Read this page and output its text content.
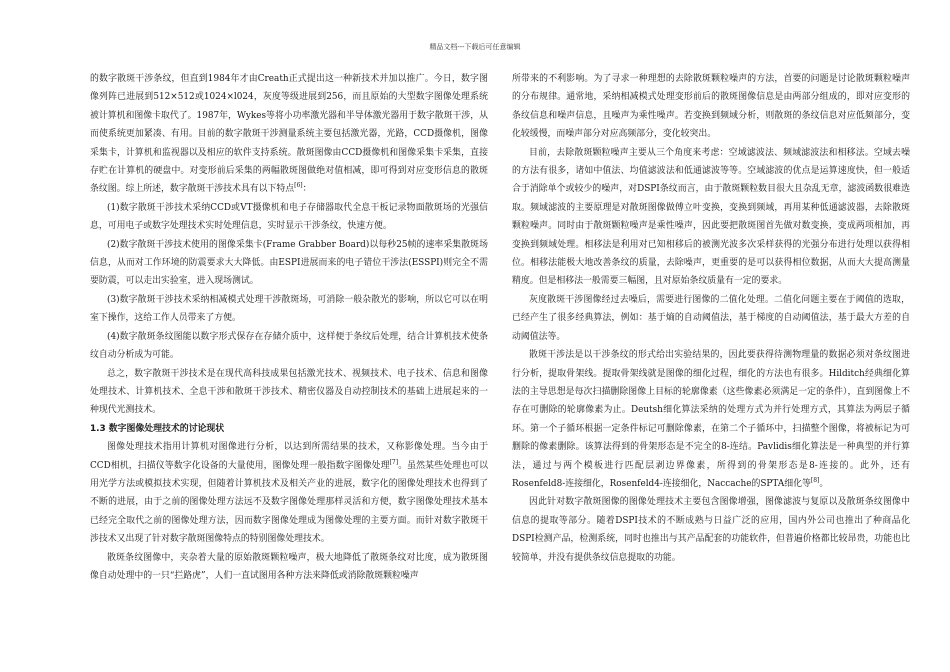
精品文档---下载后可任意编辑

的数字散斑干涉条纹，但直到1984年才由Creath正式提出这一种新技术并加以推广。今日，数字图像列阵已进展到512×512或1024×l024，灰度等级进展到256，而且原始的大型数字图像处理系统被计算机和图像卡取代了。1987年，Wykes等将小功率激光器和半导体激光器用于数字散斑干涉，从而使系统更加紧凑、有用。目前的数字散斑干涉测量系统主要包括激光器，光路，CCD摄像机，图像采集卡，计算机和监视器以及相应的软件支持系统。散斑图像由CCD摄像机和图像采集卡采集，直接存贮在计算机的硬盘中。对变形前后采集的两幅散斑图做绝对值相减，即可得到对应变形信息的散斑条纹图。综上所述，数字散斑干涉技术具有以下特点[6]：

(1)数字散斑干涉技术采纳CCD或VT摄像机和电子存储器取代全息干板记录物面散斑场的光强信息，可用电子或数字处理技术实时处理信息，实时显示干涉条纹，快速方便。

(2)数字散斑干涉技术使用的图像采集卡(Frame Grabber Board)以每秒25帧的速率采集散斑场信息，从而对工作环境的防震要求大大降低。由ESPI进展而来的电子错位干涉法(ESSPI)则完全不需要防震，可以走出实验室，进入现场测试。

(3)数字散斑干涉技术采纳相减模式处理干涉散斑场，可消除一般杂散光的影响，所以它可以在明室下操作，这给工作人员带来了方便。

(4)数字散斑条纹图能以数字形式保存在存储介质中，这样便于条纹后处理，结合计算机技术使条纹自动分析成为可能。

总之，数字散斑干涉技术是在现代高科技成果包括激光技术、视频技术、电子技术、信息和图像处理技术、计算机技术、全息干涉和散斑干涉技术、精密仪器及自动控制技术的基础上进展起来的一种现代光测技术。

1.3 数字图像处理技术的讨论现状

图像处理技术指用计算机对图像进行分析，以达到所需结果的技术，又称影像处理。当今由于CCD相机，扫描仪等数字化设备的大量使用，图像处理一般指数字图像处理[7]。虽然某些处理也可以用光学方法或模拟技术实现，但随着计算机技术及相关产业的进展，数字化的图像处理技术也得到了不断的进展，由于之前的图像处理方法远不及数字图像处理那样灵活和方便，数字图像处理技术基本已经完全取代之前的图像处理方法，因而数字图像处理成为图像处理的主要方面。而针对数字散斑干涉技术又出现了针对数字散斑图像特点的特别图像处理技术。

散斑条纹图像中，夹杂着大量的原始散斑颗粒噪声，极大地降低了散斑条纹对比度，成为散斑图像自动处理中的一只“拦路虎”，人们一直试图用各种方法来降低或消除散斑颗粒噪声

所带来的不利影响。为了寻求一种理想的去除散斑颗粒噪声的方法，首要的问题是讨论散斑颗粒噪声的分布规律。通常地，采纳相减模式处理变形前后的散斑图像信息是由两部分组成的，即对应变形的条纹信息和噪声信息，且噪声为乘性噪声。若变换到频域分析，则散斑的条纹信息对应低频部分，变化较缓慢，而噪声部分对应高频部分，变化较突出。

目前，去除散斑颗粒噪声主要从三个角度来考虑：空域滤波法、频域滤波法和相移法。空域去噪的方法有很多，诸如中值法、均值滤波法和低通滤波等等。空域滤波的优点是运算速度快，但一般适合于消除单个或较少的噪声，对DSPI条纹而言，由于散斑颗粒数目很大且杂乱无章，滤波函数很难选取。频域滤波的主要原理是对散斑图像做傅立叶变换，变换到频域，再用某种低通滤波器，去除散斑颗粒噪声。同时由于散斑颗粒噪声是乘性噪声，因此要把散斑图首先做对数变换，变成两项相加，再变换到频域处理。相移法是利用对已知相移后的被测光波多次采样获得的光强分布进行处理以获得相位。相移法能极大地改善条纹的质量，去除噪声，更重要的是可以获得相位数据，从而大大提高测量精度。但是相移法一般需要三幅图，且对原始条纹质量有一定的要求。

灰度散斑干涉图像经过去噪后，需要进行图像的二值化处理。二值化问题主要在于阈值的选取，已经产生了很多经典算法，例如：基于熵的自动阈值法，基于梯度的自动阈值法，基于最大方差的自动阈值法等。

散斑干涉法是以干涉条纹的形式给出实验结果的，因此要获得待测物理量的数据必须对条纹图进行分析，提取骨架线。提取骨架线就是图像的细化过程，细化的方法也有很多。Hilditch经典细化算法的主导思想是每次扫描删除图像上目标的轮廓像素（这些像素必须满足一定的条件），直到图像上不存在可删除的轮廓像素为止。Deutsh细化算法采纳的处理方式为并行处理方式，其算法为两层子循环。第一个子循环根据一定条件标记可删除像素，在第二个子循环中，扫描整个图像，将被标记为可删除的像素删除。该算法得到的骨架形态是不完全的8-连结。Pavlidis细化算法是一种典型的并行算法，通过与两个模板进行匹配层剥边界像素，所得到的骨架形态是8-连接的。此外，还有Rosenfeld8-连接细化，Rosenfeld4-连接细化，Naccache的SPTA细化等[8]。

因此针对数字散斑图像的图像处理技术主要包含图像增强，图像滤波与复原以及散斑条纹图像中信息的提取等部分。随着DSPI技术的不断成熟与日益广泛的应用，国内外公司也推出了种商品化DSPI检测产品，检测系统，同时也推出与其产品配套的功能软件，但普遍价格都比较昂贵，功能也比较简单，并没有提供条纹信息提取的功能。
